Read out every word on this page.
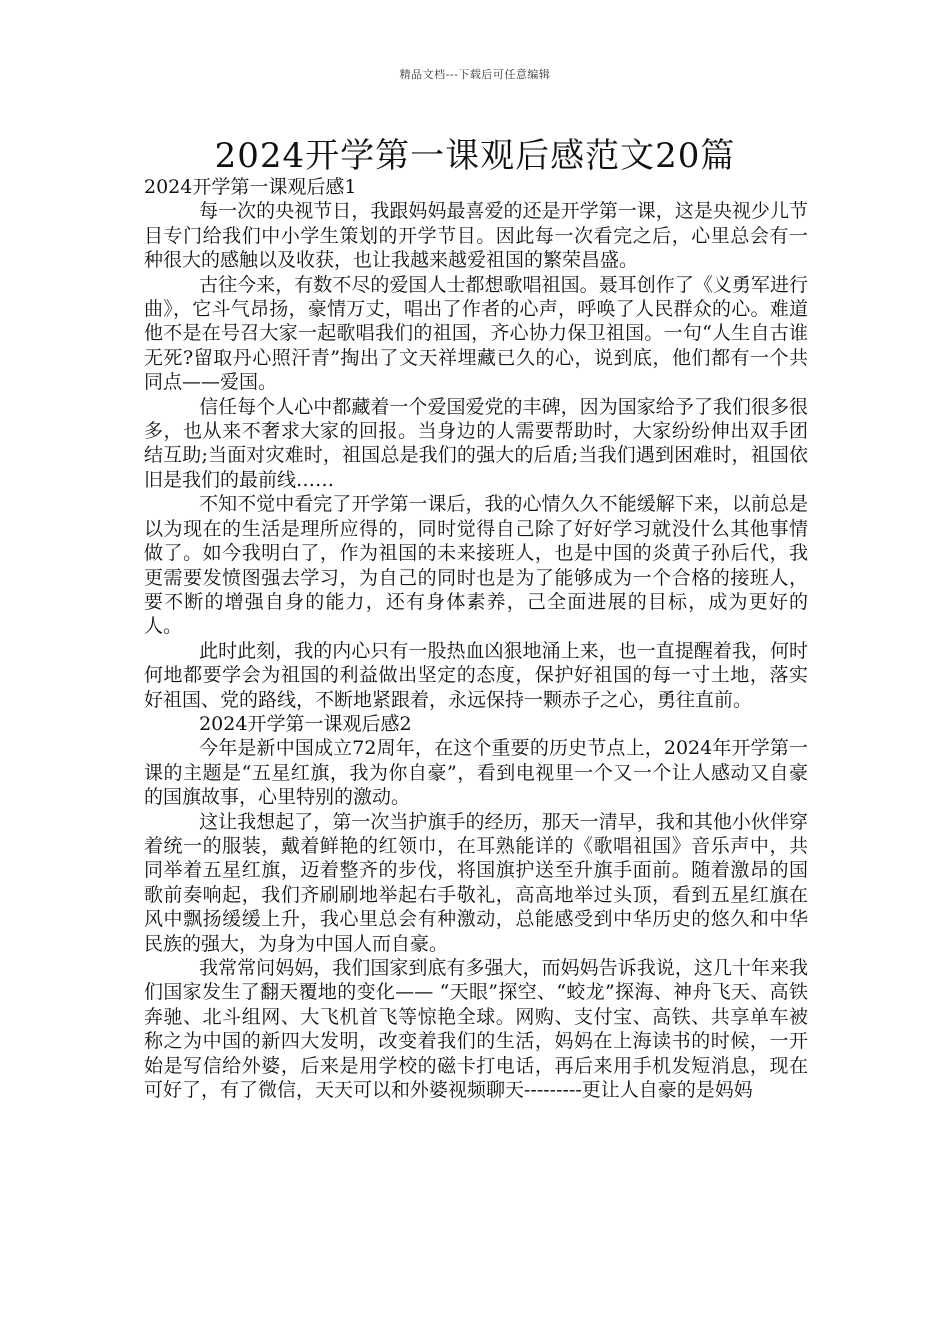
精品文档---下载后可任意编辑
2024开学第一课观后感范文20篇

2024开学第一课观后感1

每一次的央视节日，我跟妈妈最喜爱的还是开学第一课，这是央视少儿节目专门给我们中小学生策划的开学节目。因此每一次看完之后，心里总会有一种很大的感触以及收获，也让我越来越爱祖国的繁荣昌盛。

古往今来，有数不尽的爱国人士都想歌唱祖国。聂耳创作了《义勇军进行曲》，它斗气昂扬，豪情万丈，唱出了作者的心声，呼唤了人民群众的心。难道他不是在号召大家一起歌唱我们的祖国，齐心协力保卫祖国。一句“人生自古谁无死?留取丹心照汗青”掏出了文天祥埋藏已久的心，说到底，他们都有一个共同点——爱国。

信任每个人心中都藏着一个爱国爱党的丰碑，因为国家给予了我们很多很多，也从来不奢求大家的回报。当身边的人需要帮助时，大家纷纷伸出双手团结互助;当面对灾难时，祖国总是我们的强大的后盾;当我们遇到困难时，祖国依旧是我们的最前线……

不知不觉中看完了开学第一课后，我的心情久久不能缓解下来，以前总是以为现在的生活是理所应得的，同时觉得自己除了好好学习就没什么其他事情做了。如今我明白了，作为祖国的未来接班人，也是中国的炎黄子孙后代，我更需要发愤图强去学习，为自己的同时也是为了能够成为一个合格的接班人，要不断的增强自身的能力，还有身体素养，己全面进展的目标，成为更好的人。

此时此刻，我的内心只有一股热血凶狠地涌上来，也一直提醒着我，何时何地都要学会为祖国的利益做出坚定的态度，保护好祖国的每一寸土地，落实好祖国、党的路线，不断地紧跟着，永远保持一颗赤子之心，勇往直前。

2024开学第一课观后感2

今年是新中国成立72周年，在这个重要的历史节点上，2024年开学第一课的主题是“五星红旗，我为你自豪”，看到电视里一个又一个让人感动又自豪的国旗故事，心里特别的激动。

这让我想起了，第一次当护旗手的经历，那天一清早，我和其他小伙伴穿着统一的服装，戴着鲜艳的红领巾，在耳熟能详的《歌唱祖国》音乐声中，共同举着五星红旗，迈着整齐的步伐，将国旗护送至升旗手面前。随着激昂的国歌前奏响起，我们齐刷刷地举起右手敬礼，高高地举过头顶，看到五星红旗在风中飘扬缓缓上升，我心里总会有种激动，总能感受到中华历史的悠久和中华民族的强大，为身为中国人而自豪。

我常常问妈妈，我们国家到底有多强大，而妈妈告诉我说，这几十年来我们国家发生了翻天覆地的变化—— “天眼”探空、“蛟龙”探海、神舟飞天、高铁奔驰、北斗组网、大飞机首飞等惊艳全球。网购、支付宝、高铁、共享单车被称之为中国的新四大发明，改变着我们的生活，妈妈在上海读书的时候，一开始是写信给外婆，后来是用学校的磁卡打电话，再后来用手机发短消息，现在可好了，有了微信，天天可以和外婆视频聊天---------更让人自豪的是妈妈
